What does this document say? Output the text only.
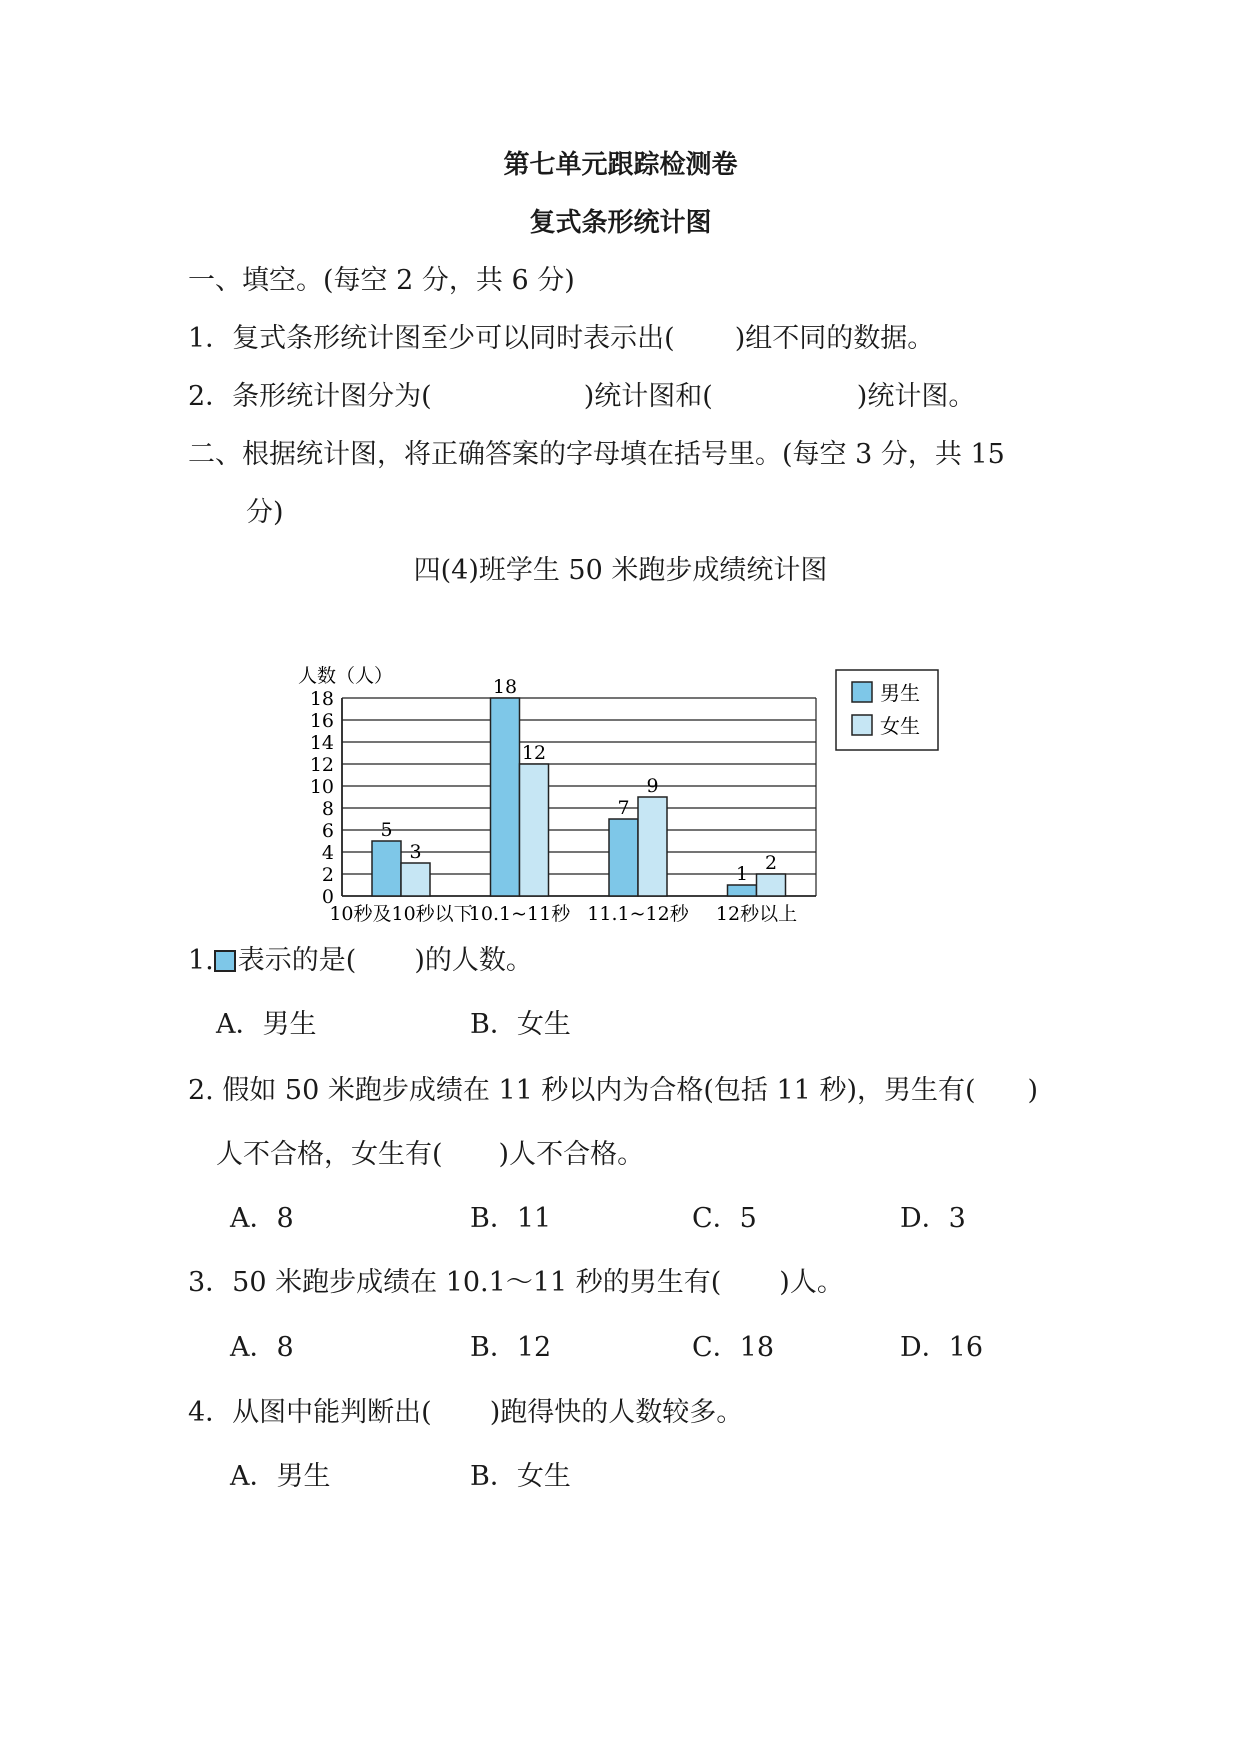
第七单元跟踪检测卷
复式条形统计图
一、填空。(每空 2 分，共 6 分)
1．复式条形统计图至少可以同时表示出( )组不同的数据。
2．条形统计图分为(	)统计图和(	)统计图。
二、根据统计图，将正确答案的字母填在括号里。(每空 3 分，共 15
分)
四(4)班学生 50 米跑步成绩统计图
人数（人）
0
2
4
6
8
10
12
14
16
18
5
3
18
12
7
9
1 2
10秒及10秒以下
10.1~11秒 11.1~12秒 12秒以上
男生
女生
1. 表示的是( )的人数。
A．男生	B．女生
2. 假如 50 米跑步成绩在 11 秒以内为合格(包括 11 秒)，男生有( )
人不合格，女生有( )人不合格。
A．8	B．11	C．5	D．3
3．50 米跑步成绩在 10.1～11 秒的男生有( )人。
A．8	B．12	C．18	D．16
4．从图中能判断出( )跑得快的人数较多。
A．男生	B．女生
